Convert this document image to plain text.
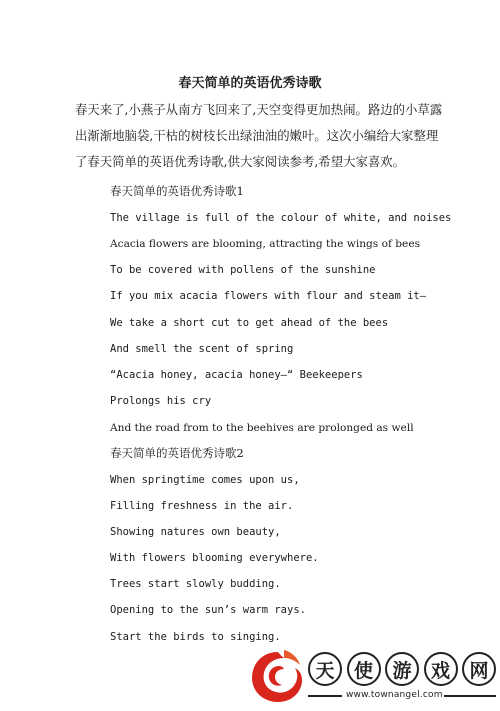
春天简单的英语优秀诗歌
春天来了,小燕子从南方飞回来了,天空变得更加热闹。路边的小草露
出渐渐地脑袋,干枯的树枝长出绿油油的嫩叶。这次小编给大家整理
了春天简单的英语优秀诗歌,供大家阅读参考,希望大家喜欢。
春天简单的英语优秀诗歌1
The village is full of the colour of white, and noises
Acacia flowers are blooming, attracting the wings of bees
To be covered with pollens of the sunshine
If you mix acacia flowers with flour and steam it—
We take a short cut to get ahead of the bees
And smell the scent of spring
“Acacia honey, acacia honey—“ Beekeepers
Prolongs his cry
And the road from to the beehives are prolonged as well
春天简单的英语优秀诗歌2
When springtime comes upon us,
Filling freshness in the air.
Showing natures own beauty,
With flowers blooming everywhere.
Trees start slowly budding.
Opening to the sun’s warm rays.
Start the birds to singing.
天	使	游	戏	网
www.townangel.com
